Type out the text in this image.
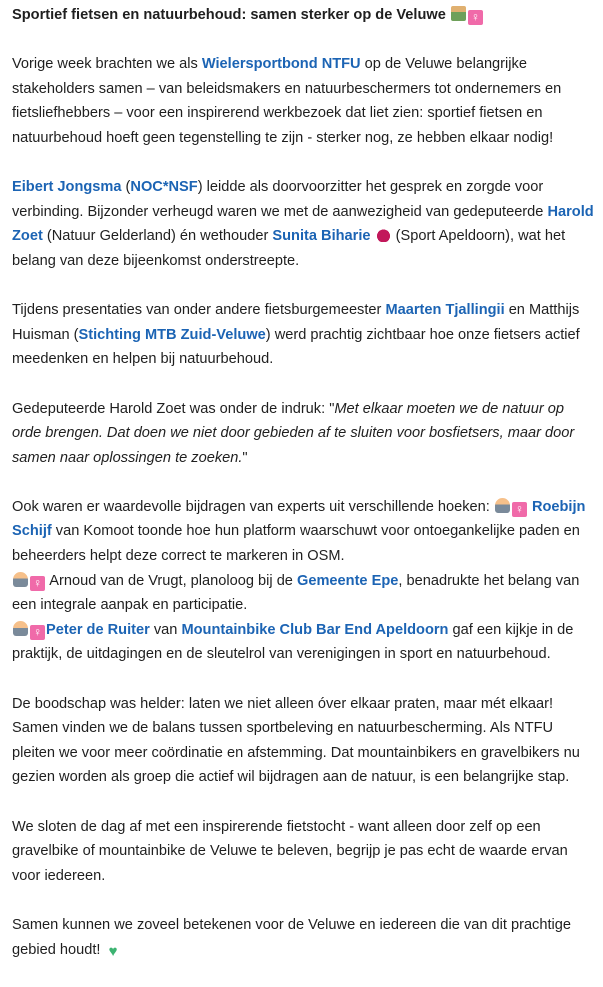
Sportief fietsen en natuurbehoud: samen sterker op de Veluwe ♀

Vorige week brachten we als Wielersportbond NTFU op de Veluwe belangrijke stakeholders samen – van beleidsmakers en natuurbeschermers tot ondernemers en fietsliefhebbers – voor een inspirerend werkbezoek dat liet zien: sportief fietsen en natuurbehoud hoeft geen tegenstelling te zijn - sterker nog, ze hebben elkaar nodig!

Eibert Jongsma (NOC*NSF) leidde als doorvoorzitter het gesprek en zorgde voor verbinding. Bijzonder verheugd waren we met de aanwezigheid van gedeputeerde Harold Zoet (Natuur Gelderland) én wethouder Sunita Biharie  (Sport Apeldoorn), wat het belang van deze bijeenkomst onderstreepte.

Tijdens presentaties van onder andere fietsburgemeester Maarten Tjallingii en Matthijs Huisman (Stichting MTB Zuid-Veluwe) werd prachtig zichtbaar hoe onze fietsers actief meedenken en helpen bij natuurbehoud.

Gedeputeerde Harold Zoet was onder de indruk: "Met elkaar moeten we de natuur op orde brengen. Dat doen we niet door gebieden af te sluiten voor bosfietsers, maar door samen naar oplossingen te zoeken."

Ook waren er waardevolle bijdragen van experts uit verschillende hoeken: ♀ Roebijn Schijf van Komoot toonde hoe hun platform waarschuwt voor ontoegankelijke paden en beheerders helpt deze correct te markeren in OSM.
♀ Arnoud van de Vrugt, planoloog bij de Gemeente Epe, benadrukte het belang van een integrale aanpak en participatie.
♀ Peter de Ruiter van Mountainbike Club Bar End Apeldoorn gaf een kijkje in de praktijk, de uitdagingen en de sleutelrol van verenigingen in sport en natuurbehoud.

De boodschap was helder: laten we niet alleen óver elkaar praten, maar mét elkaar! Samen vinden we de balans tussen sportbeleving en natuurbescherming. Als NTFU pleiten we voor meer coördinatie en afstemming. Dat mountainbikers en gravelbikers nu gezien worden als groep die actief wil bijdragen aan de natuur, is een belangrijke stap.

We sloten de dag af met een inspirerende fietstocht - want alleen door zelf op een gravelbike of mountainbike de Veluwe te beleven, begrijp je pas echt de waarde ervan voor iedereen.

Samen kunnen we zoveel betekenen voor de Veluwe en iedereen die van dit prachtige gebied houdt! ♥
